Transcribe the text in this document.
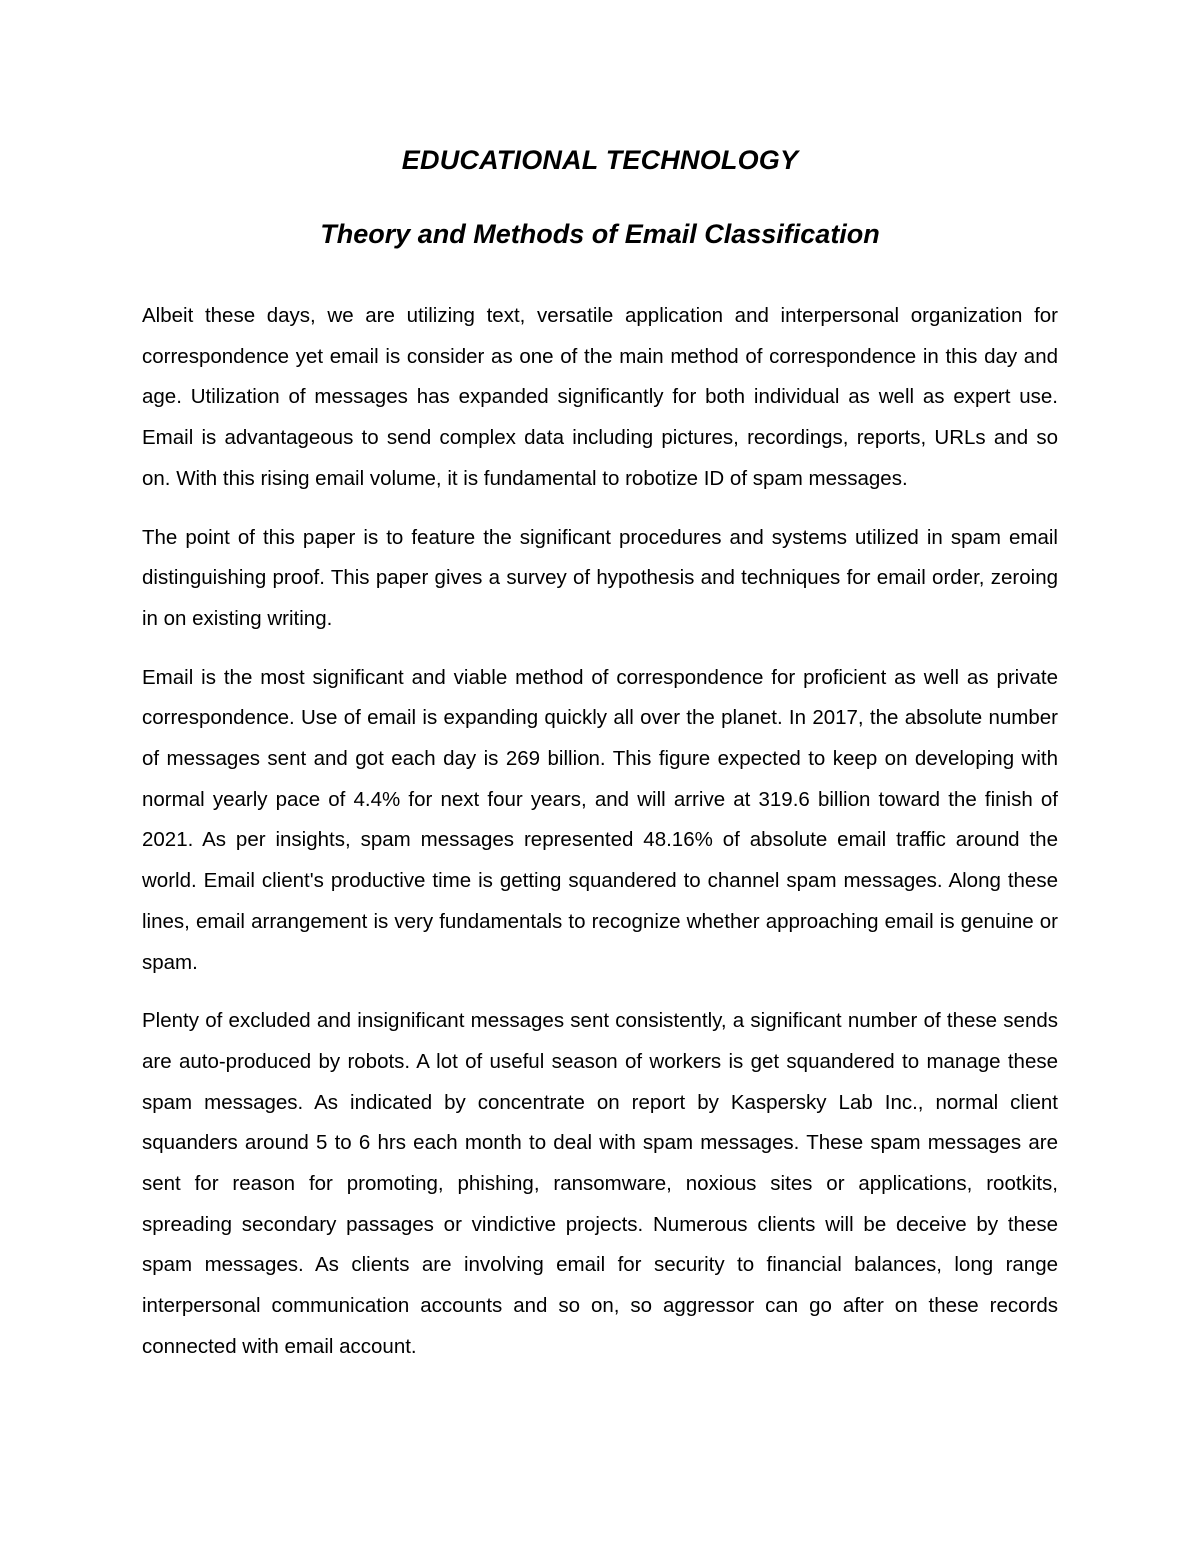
EDUCATIONAL TECHNOLOGY
Theory and Methods of Email Classification

Albeit these days, we are utilizing text, versatile application and interpersonal organization for correspondence yet email is consider as one of the main method of correspondence in this day and age. Utilization of messages has expanded significantly for both individual as well as expert use. Email is advantageous to send complex data including pictures, recordings, reports, URLs and so on. With this rising email volume, it is fundamental to robotize ID of spam messages.

The point of this paper is to feature the significant procedures and systems utilized in spam email distinguishing proof. This paper gives a survey of hypothesis and techniques for email order, zeroing in on existing writing.

Email is the most significant and viable method of correspondence for proficient as well as private correspondence. Use of email is expanding quickly all over the planet. In 2017, the absolute number of messages sent and got each day is 269 billion. This figure expected to keep on developing with normal yearly pace of 4.4% for next four years, and will arrive at 319.6 billion toward the finish of 2021. As per insights, spam messages represented 48.16% of absolute email traffic around the world. Email client's productive time is getting squandered to channel spam messages. Along these lines, email arrangement is very fundamentals to recognize whether approaching email is genuine or spam.

Plenty of excluded and insignificant messages sent consistently, a significant number of these sends are auto-produced by robots. A lot of useful season of workers is get squandered to manage these spam messages. As indicated by concentrate on report by Kaspersky Lab Inc., normal client squanders around 5 to 6 hrs each month to deal with spam messages. These spam messages are sent for reason for promoting, phishing, ransomware, noxious sites or applications, rootkits, spreading secondary passages or vindictive projects. Numerous clients will be deceive by these spam messages. As clients are involving email for security to financial balances, long range interpersonal communication accounts and so on, so aggressor can go after on these records connected with email account.
